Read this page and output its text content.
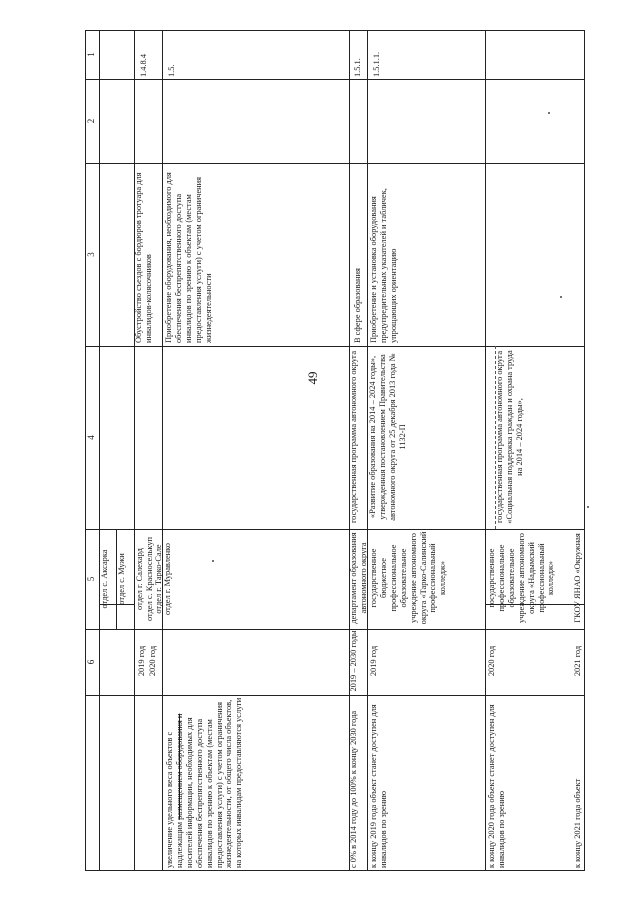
49
1
2
3
4
5
6
отдел с. Аксарка отдел с. Мужи
1.4.8.4
Обустройство съездов с бордюров тротуара для инвалидов-колясочников
отдел г. Салехард отдел с. Красноселькуп отдел г. Тарко-Сале отдел г. Муравленко
2019 год 2020 год
1.5.
Приобретение оборудования, необходимого для обеспечения беспрепятственного доступа инвалидов по зрению к объектам (местам предоставления услуги) с учетом ограничения жизнедеятельности
увеличение удельного веса объектов с надлежащим размещением оборудования и носителей информации, необходимых для обеспечения беспрепятственного доступа инвалидов по зрению к объектам (местам предоставления услуги) с учетом ограничения жизнедеятельности, от общего числа объектов, на которых инвалидам предоставляются услуги
1.5.1.
В сфере образования
государственная программа автономного округа
департамент образования автономного округа
2019 – 2030 годы
с 0% в 2014 году до 100% к концу 2030 года
1.5.1.1.
Приобретение и установка оборудования предупредительных указателей и табличек, упрощающих ориентацию
«Развитие образования на 2014 – 2024 годы», утвержденная постановлением Правительства автономного округа от 25 декабря 2013 года № 1132-П
государственное бюджетное профессиональное образовательное учреждение автономного округа «Тарко-Салинский профессиональный колледж»
2019 год
к концу 2019 года объект станет доступен для инвалидов по зрению
государственная программа автономного округа «Социальная поддержка граждан и охрана труда на 2014 – 2024 годы»,
государственное профессиональное образовательное учреждение автономного округа «Надымский профессиональный колледж»
2020 год
к концу 2020 года объект станет доступен для инвалидов по зрению
ГКОУ ЯНАО «Окружная
2021 год
к концу 2021 года объект
